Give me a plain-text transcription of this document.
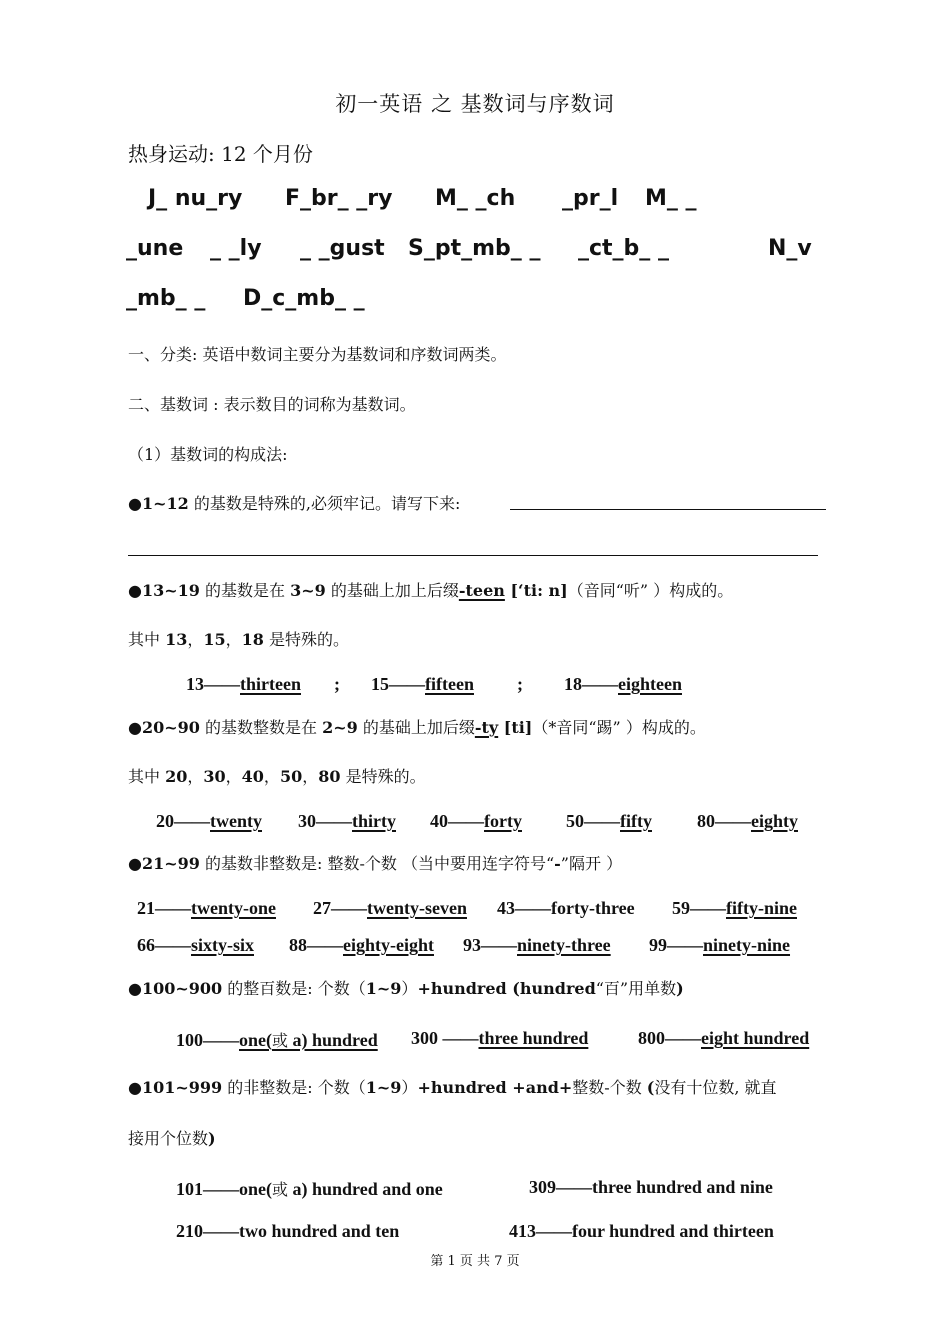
初一英语 之 基数词与序数词
热身运动: 12 个月份
J_ nu_ry F_br_ _ry M_ _ch _pr_l M_ _
_une _ _ly _ _gust S_pt_mb_ _ _ct_b_ _	N_v
_mb_ _ D_c_mb_ _
一、分类: 英语中数词主要分为基数词和序数词两类。
二、基数词 : 表示数目的词称为基数词。
（1）基数词的构成法:
●1~12 的基数是特殊的,必须牢记。请写下来:
●13~19 的基数是在 3~9 的基础上加上后缀-teen [‘ti: n]（音同“听” ）构成的。
其中 13，15，18 是特殊的。
13——thirteen ; 15——fifteen ; 18——eighteen
●20~90 的基数整数是在 2~9 的基础上加后缀-ty [ti]（*音同“踢” ）构成的。
其中 20，30，40，50，80 是特殊的。
20——twenty 30——thirty 40——forty 50——fifty	80——eighty
●21~99 的基数非整数是: 整数-个数 （当中要用连字符号“-”隔开 ）
21——twenty-one 27——twenty-seven 43——forty-three 59——fifty-nine
66——sixty-six 88——eighty-eight 93——ninety-three 99——ninety-nine
●100~900 的整百数是: 个数（1~9）+hundred (hundred“百”用单数)
100——one(或 a) hundred 300 ——three hundred	800——eight hundred
●101~999 的非整数是: 个数（1~9）+hundred +and+整数-个数 (没有十位数, 就直
接用个位数)
101——one(或 a) hundred and one	309——three hundred and nine
210——two hundred and ten	413——four hundred and thirteen
第 1 页 共 7 页
